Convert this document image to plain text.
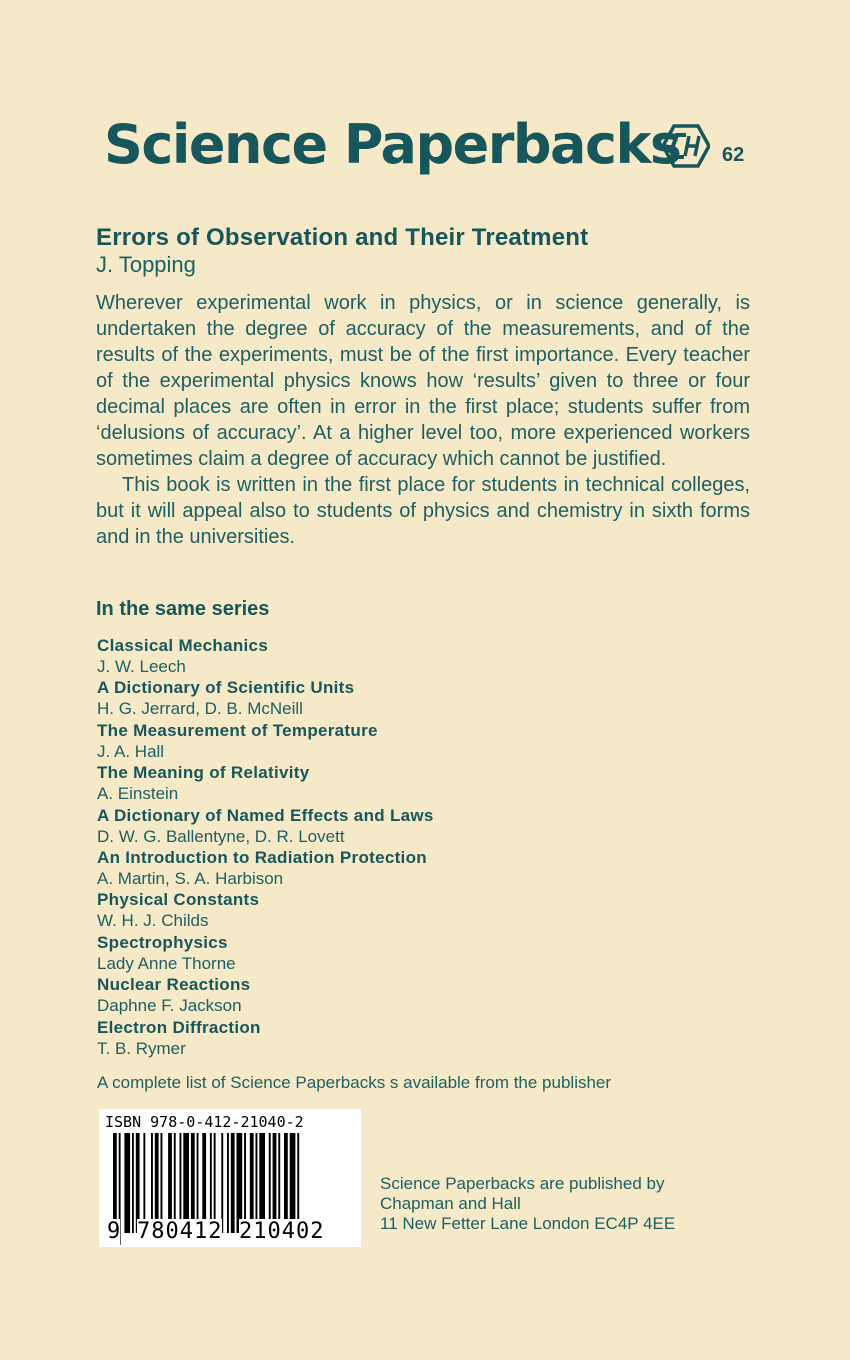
Science Paperbacks 62
Errors of Observation and Their Treatment
J. Topping

Wherever experimental work in physics, or in science generally, is undertaken the degree of accuracy of the measurements, and of the results of the experiments, must be of the first importance. Every teacher of the experimental physics knows how ‘results’ given to three or four decimal places are often in error in the first place; students suffer from ‘delusions of accuracy’. At a higher level too, more experienced workers sometimes claim a degree of accuracy which cannot be justified.

This book is written in the first place for students in technical colleges, but it will appeal also to students of physics and chemistry in sixth forms and in the universities.

In the same series
Classical Mechanics
J. W. Leech
A Dictionary of Scientific Units
H. G. Jerrard, D. B. McNeill
The Measurement of Temperature
J. A. Hall
The Meaning of Relativity
A. Einstein
A Dictionary of Named Effects and Laws
D. W. G. Ballentyne, D. R. Lovett
An Introduction to Radiation Protection
A. Martin, S. A. Harbison
Physical Constants
W. H. J. Childs
Spectrophysics
Lady Anne Thorne
Nuclear Reactions
Daphne F. Jackson
Electron Diffraction
T. B. Rymer
A complete list of Science Paperbacks s available from the publisher
ISBN 978-0-412-21040-2
9 780412 210402
Science Paperbacks are published by
Chapman and Hall
11 New Fetter Lane London EC4P 4EE
